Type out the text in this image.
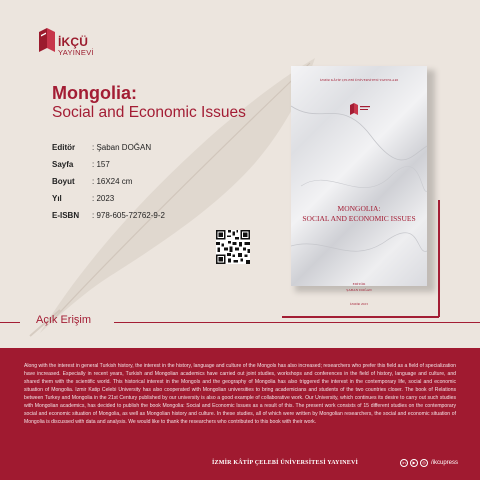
İKÇÜ
YAYINEVİ
Mongolia:
Social and Economic Issues
Editör : Şaban DOĞAN
Sayfa : 157
Boyut : 16X24 cm
Yıl	: 2023
E-ISBN : 978-605-72762-9-2
İZMİR KÂTİP ÇELEBİ ÜNİVERSİTESİ YAYINLARI
MONGOLIA:
SOCIAL AND ECONOMIC ISSUES
EDİTÖR
ŞABAN DOĞAN
İZMİR 2023
Açık Erişim

Along with the interest in general Turkish history, the interest in the history, language and culture of the Mongols has also increased; researchers who prefer this field as a field of specialization have increased. Especially in recent years, Turkish and Mongolian academics have carried out joint studies, workshops and conferences in the field of history, language and culture, and shared them with the scientific world. This historical interest in the Mongols and the geography of Mongolia has also triggered the interest in the contemporary life, social and economic situation of Mongolia. Izmir Katip Celebi University has also cooperated with Mongolian universities to bring academicians and students of the two countries closer. The book of Relations between Turkey and Mongolia in the 21st Century published by our university is also a good example of collaborative work. Our University, which continues its desire to carry out such studies with Mongolian academics, has decided to publish the book Mongolia: Social and Economic Issues as a result of this. The present work consists of 15 different studies on the contemporary social and economic situation of Mongolia, as well as Mongolian history and culture. In these studies, all of which were written by Mongolian researchers, the social and economic situation of Mongolia is discussed with data and analysis. We would like to thank the researchers who contributed to this book with their work.

İZMİR KÂTİP ÇELEBİ ÜNİVERSİTESİ YAYINEVİ	in	▶	◎ /ikcupress
